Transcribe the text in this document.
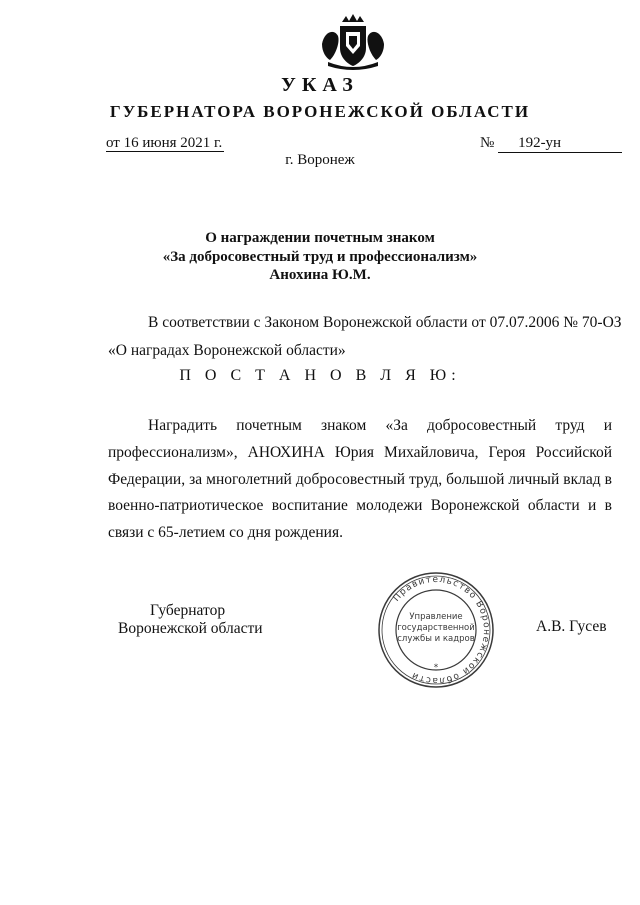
УКАЗ
ГУБЕРНАТОРА ВОРОНЕЖСКОЙ ОБЛАСТИ
от 16 июня 2021 г.	№ 192-ун
г. Воронеж
О награждении почетным знаком
«За добросовестный труд и профессионализм»
Анохина Ю.М.
В соответствии с Законом Воронежской области от 07.07.2006 № 70-ОЗ
«О наградах Воронежской области»
П О С Т А Н О В Л Я Ю:
Наградить почетным знаком «За добросовестный труд и
профессионализм», АНОХИНА Юрия Михайловича, Героя Российской
Федерации, за многолетний добросовестный труд, большой личный вклад в
военно-патриотическое воспитание молодежи Воронежской области и в
связи с 65-летием со дня рождения.
Губернатор
Воронежской области	А.В. Гусев
Правительство Воронежской области
*
Управление
государственной
службы и кадров
